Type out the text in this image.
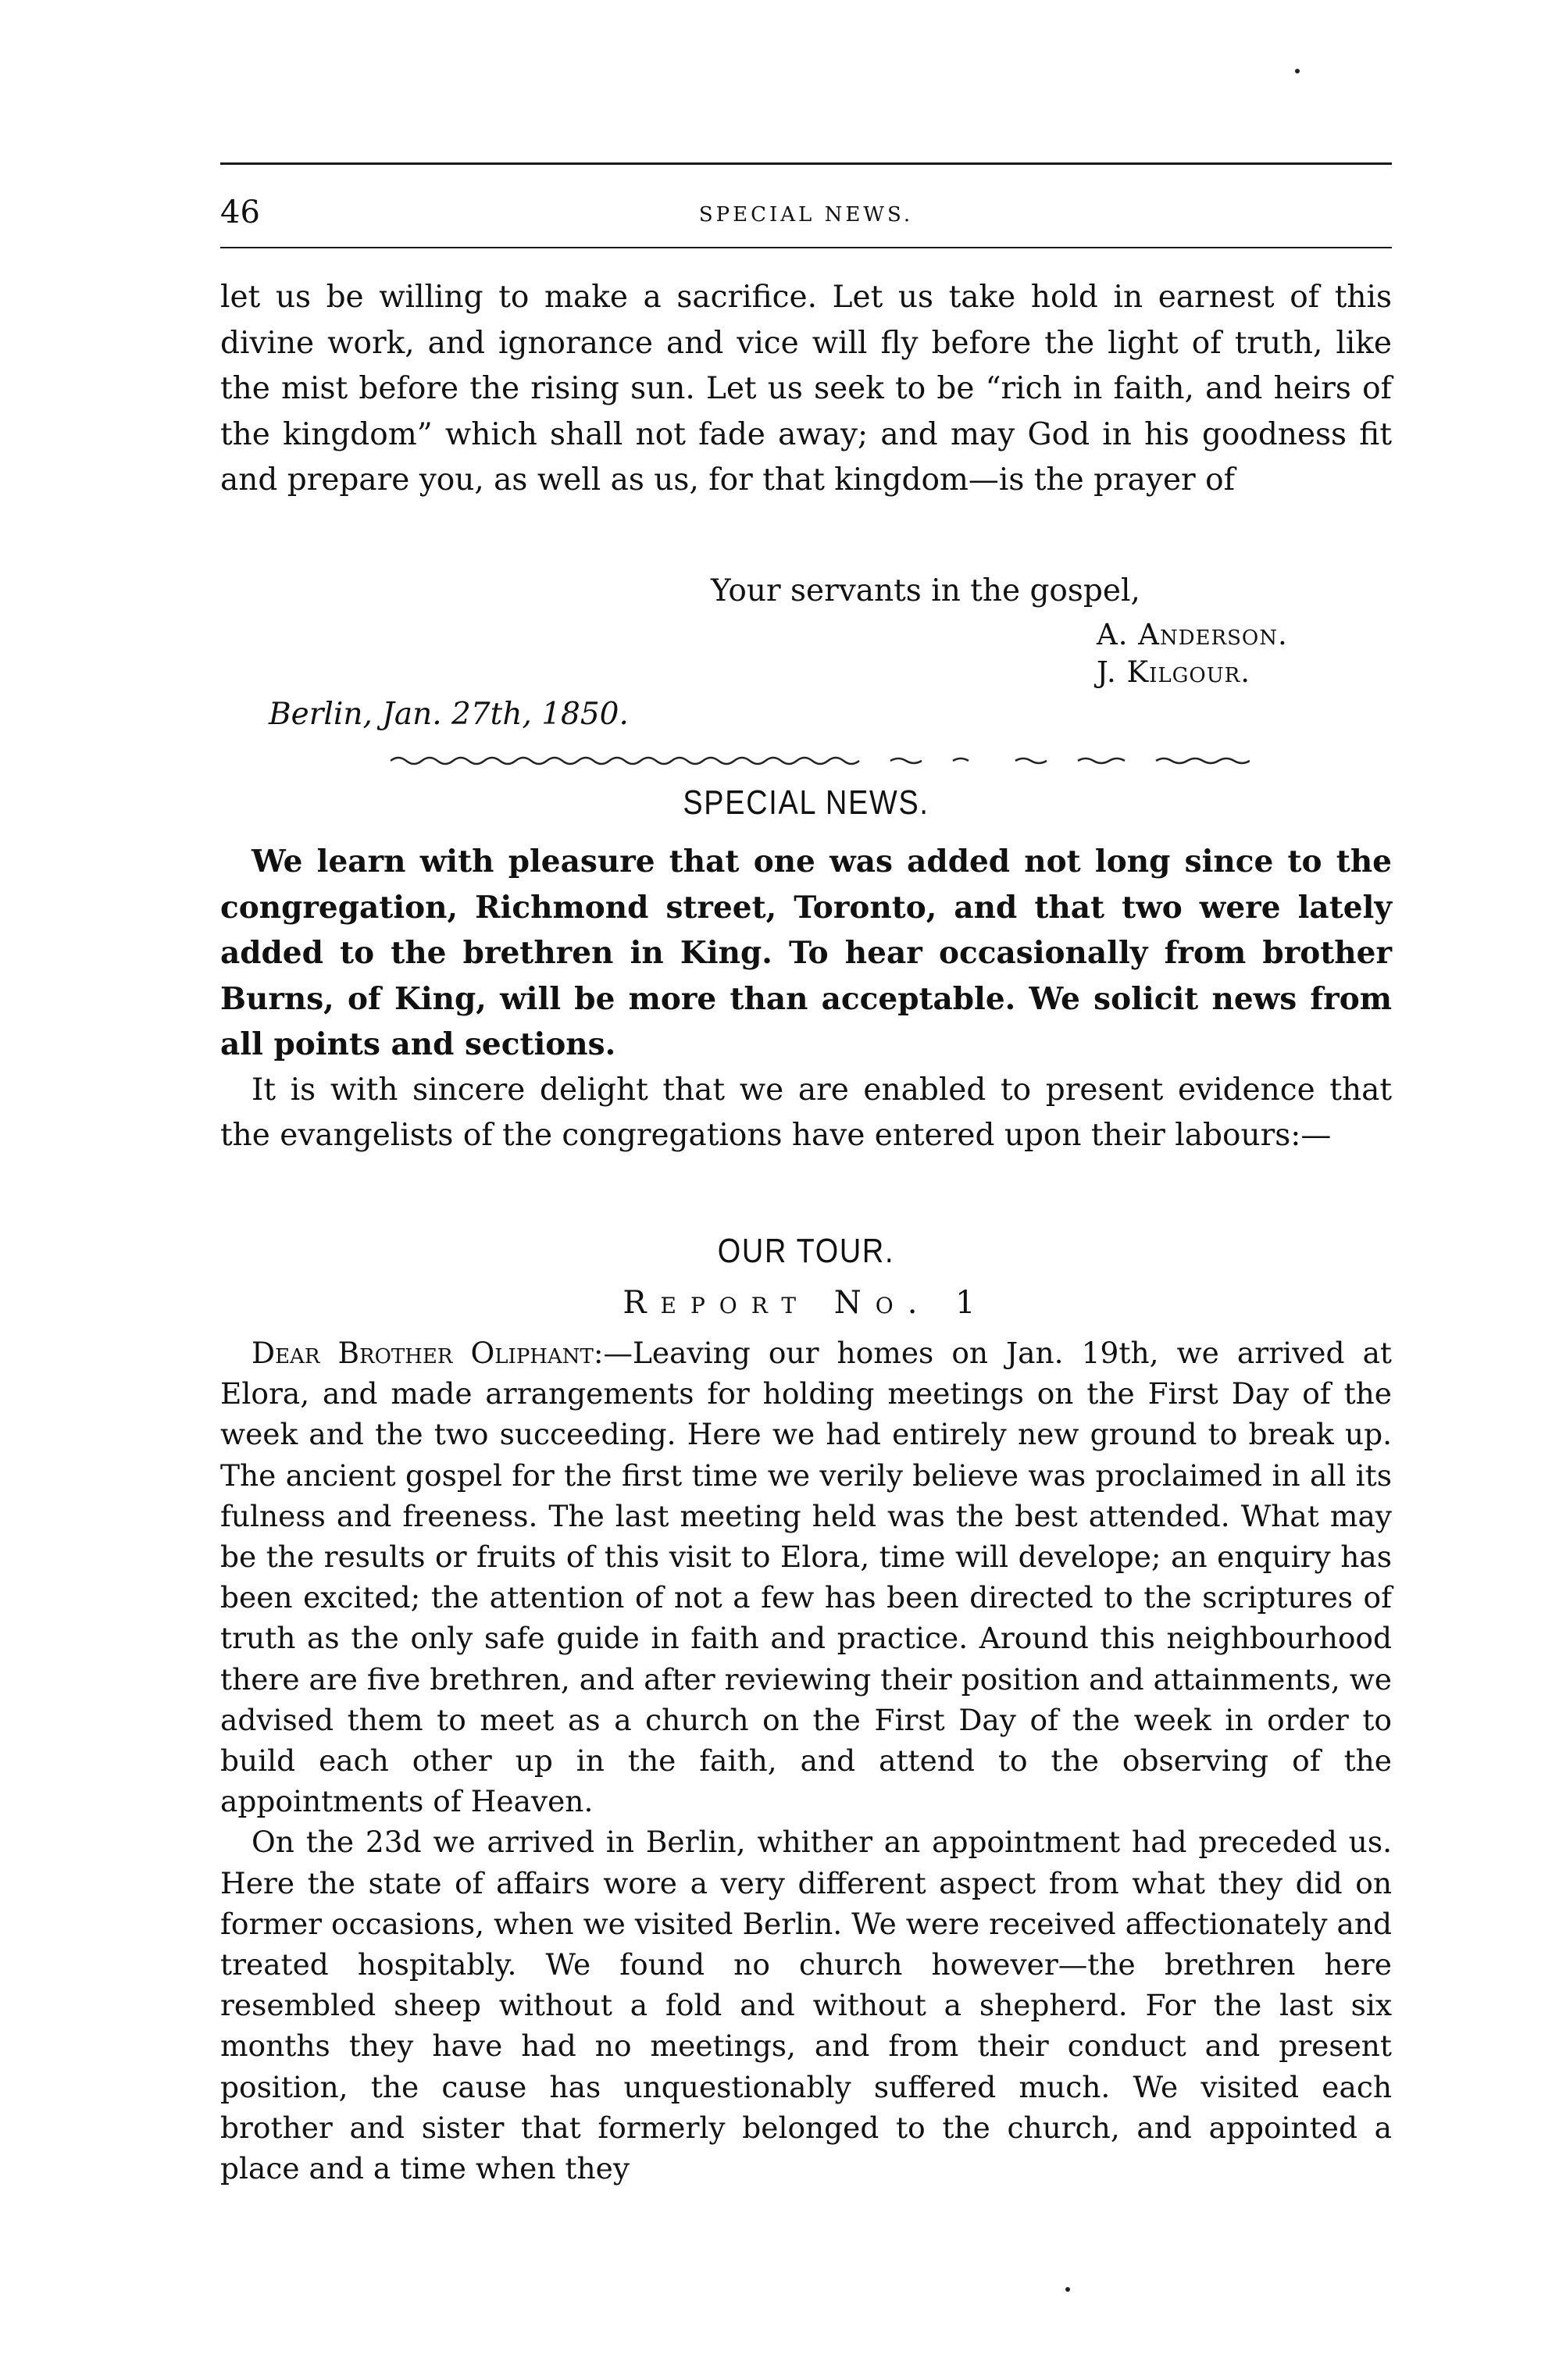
46	SPECIAL NEWS.

let us be willing to make a sacrifice. Let us take hold in earnest of this divine work, and ignorance and vice will fly before the light of truth, like the mist before the rising sun. Let us seek to be “rich in faith, and heirs of the kingdom” which shall not fade away; and may God in his goodness fit and prepare you, as well as us, for that kingdom—is the prayer of

Your servants in the gospel,
A. Anderson.
J. Kilgour.
Berlin, Jan. 27th, 1850.
SPECIAL NEWS.

We learn with pleasure that one was added not long since to the congregation, Richmond street, Toronto, and that two were lately added to the brethren in King. To hear occasionally from brother Burns, of King, will be more than acceptable. We solicit news from all points and sections.

It is with sincere delight that we are enabled to present evidence that the evangelists of the congregations have entered upon their labours:—

OUR TOUR.
Report No. 1

Dear Brother Oliphant:—Leaving our homes on Jan. 19th, we arrived at Elora, and made arrangements for holding meetings on the First Day of the week and the two succeeding. Here we had entirely new ground to break up. The ancient gospel for the first time we verily believe was proclaimed in all its fulness and freeness. The last meeting held was the best attended. What may be the results or fruits of this visit to Elora, time will develope; an enquiry has been excited; the attention of not a few has been directed to the scriptures of truth as the only safe guide in faith and practice. Around this neighbourhood there are five brethren, and after reviewing their position and attainments, we advised them to meet as a church on the First Day of the week in order to build each other up in the faith, and attend to the observing of the appointments of Heaven.

On the 23d we arrived in Berlin, whither an appointment had preceded us. Here the state of affairs wore a very different aspect from what they did on former occasions, when we visited Berlin. We were received affectionately and treated hospitably. We found no church however—the brethren here resembled sheep without a fold and without a shepherd. For the last six months they have had no meetings, and from their conduct and present position, the cause has unquestionably suffered much. We visited each brother and sister that formerly belonged to the church, and appointed a place and a time when they
